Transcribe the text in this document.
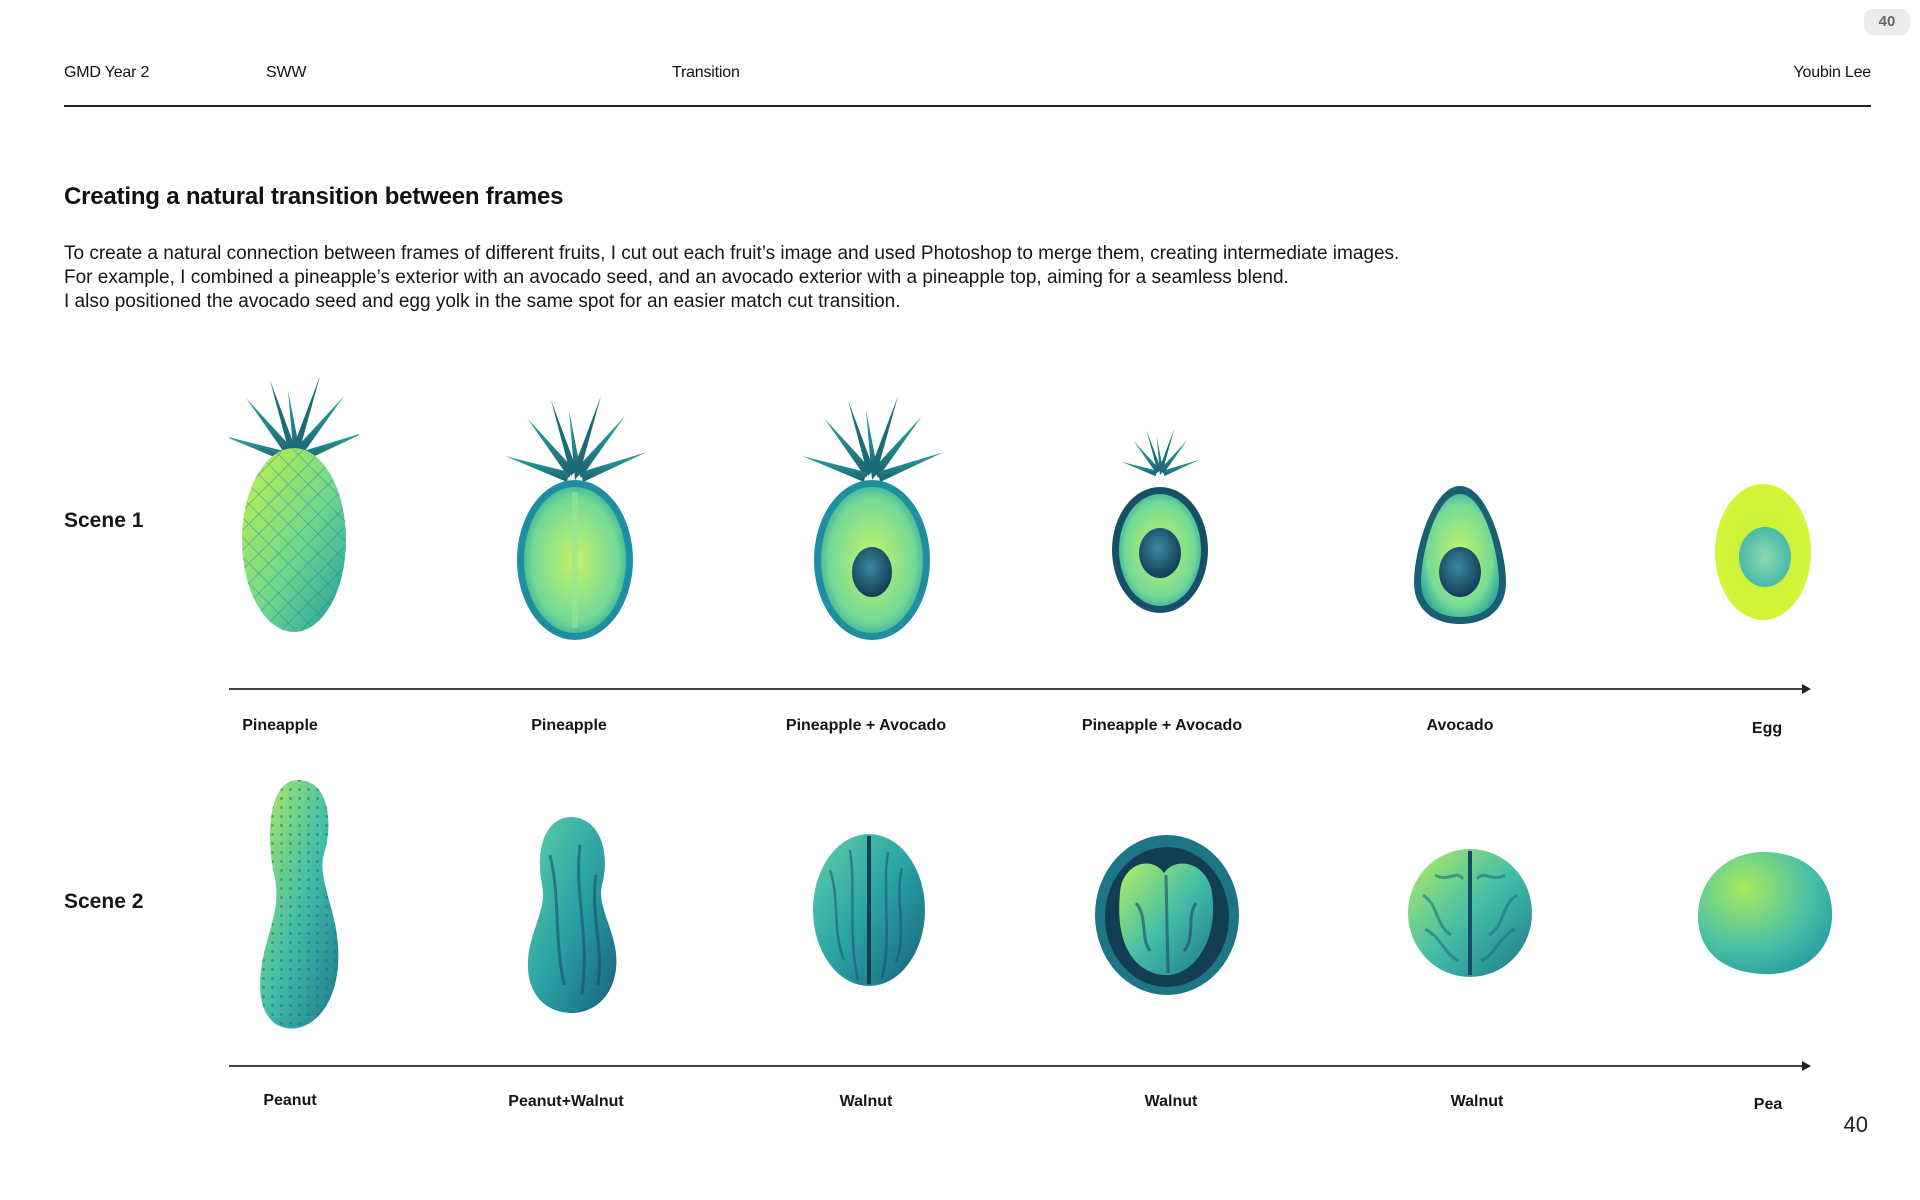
40
GMD Year 2	SWW	Transition	Youbin Lee
Creating a natural transition between frames
To create a natural connection between frames of different fruits, I cut out each fruit’s image and used Photoshop to merge them, creating intermediate images.
For example, I combined a pineapple’s exterior with an avocado seed, and an avocado exterior with a pineapple top, aiming for a seamless blend.
I also positioned the avocado seed and egg yolk in the same spot for an easier match cut transition.
Scene 1
Pineapple	Pineapple	Pineapple + Avocado	Pineapple + Avocado	Avocado	Egg
Scene 2
Peanut	Peanut+Walnut	Walnut	Walnut	Walnut	Pea
40
